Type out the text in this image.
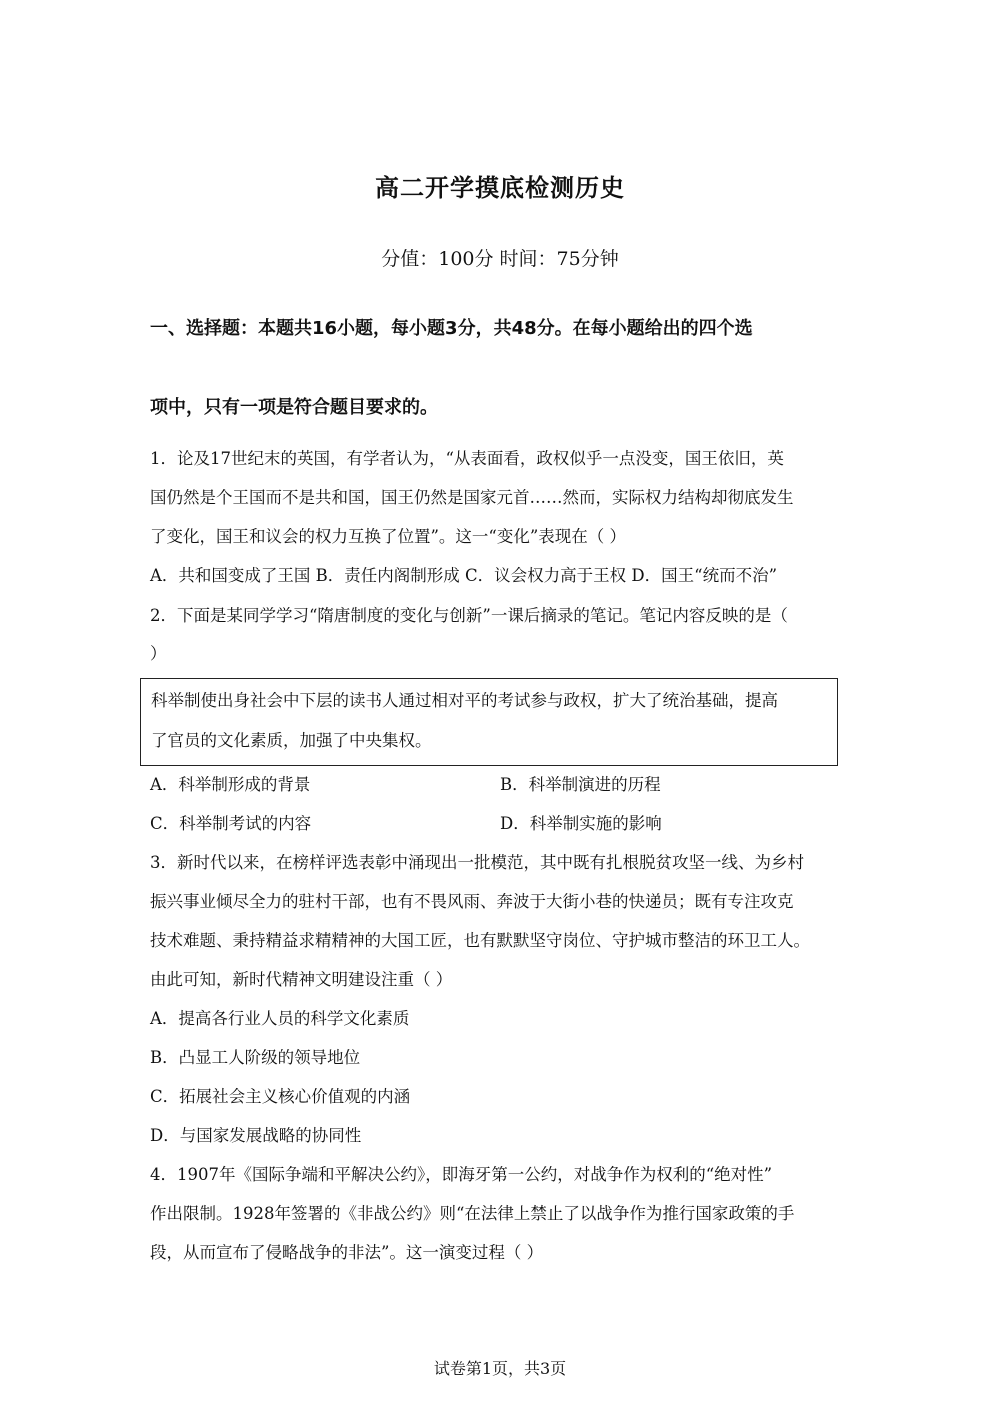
高二开学摸底检测历史
分值：100分 时间：75分钟
一、选择题：本题共16小题，每小题3分，共48分。在每小题给出的四个选
项中，只有一项是符合题目要求的。
1．论及17世纪末的英国，有学者认为，“从表面看，政权似乎一点没变，国王依旧，英
国仍然是个王国而不是共和国，国王仍然是国家元首……然而，实际权力结构却彻底发生
了变化，国王和议会的权力互换了位置”。这一“变化”表现在（ ）
A．共和国变成了王国 B．责任内阁制形成 C．议会权力高于王权 D．国王“统而不治”
2．下面是某同学学习“隋唐制度的变化与创新”一课后摘录的笔记。笔记内容反映的是（
）
科举制使出身社会中下层的读书人通过相对平的考试参与政权，扩大了统治基础，提高
了官员的文化素质，加强了中央集权。
A．科举制形成的背景	B．科举制演进的历程
C．科举制考试的内容	D．科举制实施的影响
3．新时代以来，在榜样评选表彰中涌现出一批模范，其中既有扎根脱贫攻坚一线、为乡村
振兴事业倾尽全力的驻村干部，也有不畏风雨、奔波于大街小巷的快递员；既有专注攻克
技术难题、秉持精益求精精神的大国工匠，也有默默坚守岗位、守护城市整洁的环卫工人。
由此可知，新时代精神文明建设注重（ ）
A．提高各行业人员的科学文化素质
B．凸显工人阶级的领导地位
C．拓展社会主义核心价值观的内涵
D．与国家发展战略的协同性
4．1907年《国际争端和平解决公约》，即海牙第一公约，对战争作为权利的“绝对性”
作出限制。1928年签署的《非战公约》则“在法律上禁止了以战争作为推行国家政策的手
段，从而宣布了侵略战争的非法”。这一演变过程（ ）
试卷第1页，共3页
